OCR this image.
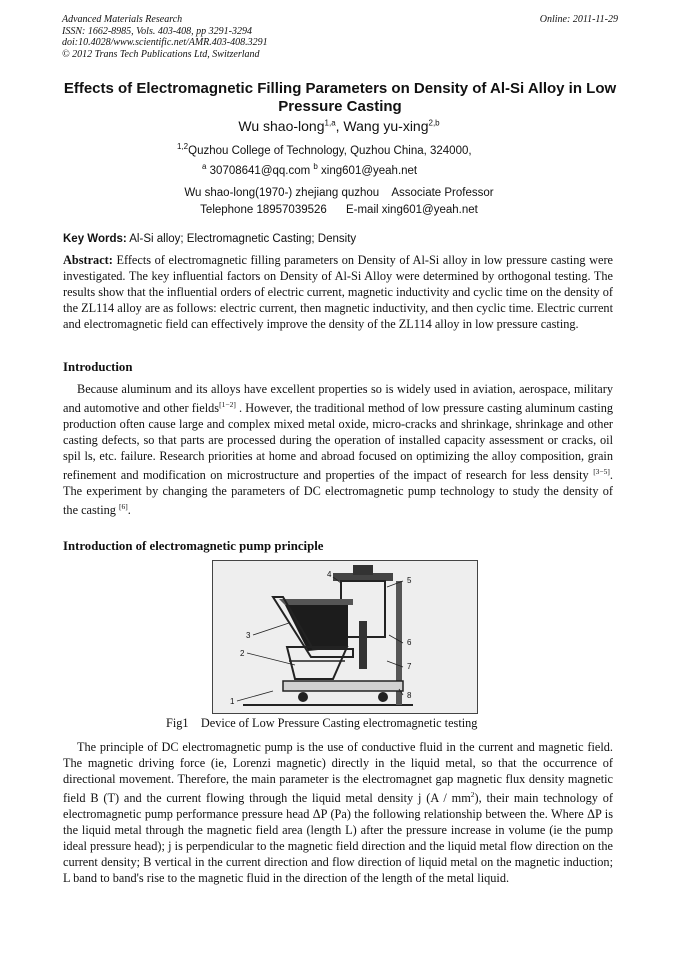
Advanced Materials Research
ISSN: 1662-8985, Vols. 403-408, pp 3291-3294
doi:10.4028/www.scientific.net/AMR.403-408.3291
© 2012 Trans Tech Publications Ltd, Switzerland
Online: 2011-11-29
Effects of Electromagnetic Filling Parameters on Density of Al-Si Alloy in Low Pressure Casting
Wu shao-long$^{1,a}$, Wang yu-xing$^{2,b}$
$^{1,2}$Quzhou College of Technology, Quzhou China, 324000,
$^a$ 30708641@qq.com $^b$ xing601@yeah.net
Wu shao-long(1970-) zhejiang quzhou    Associate Professor
Telephone 18957039526      E-mail xing601@yeah.net
Key Words: Al-Si alloy; Electromagnetic Casting; Density
Abstract: Effects of electromagnetic filling parameters on Density of Al-Si alloy in low pressure casting were investigated. The key influential factors on Density of Al-Si Alloy were determined by orthogonal testing. The results show that the influential orders of electric current, magnetic inductivity and cyclic time on the density of the ZL114 alloy are as follows: electric current, then magnetic inductivity, and then cyclic time. Electric current and electromagnetic field can effectively improve the density of the ZL114 alloy in low pressure casting.
Introduction
Because aluminum and its alloys have excellent properties so is widely used in aviation, aerospace, military and automotive and other fields[1−2] . However, the traditional method of low pressure casting aluminum casting production often cause large and complex mixed metal oxide, micro-cracks and shrinkage, shrinkage and other casting defects, so that parts are processed during the operation of installed capacity assessment or cracks, oil spil ls, etc. failure. Research priorities at home and abroad focused on optimizing the alloy composition, grain refinement and modification on microstructure and properties of the impact of research for less density [3−5]. The experiment by changing the parameters of DC electromagnetic pump technology to study the density of the casting [6].
Introduction of electromagnetic pump principle
1
2
3
4
5
6
7
8
Fig1    Device of Low Pressure Casting electromagnetic testing
The principle of DC electromagnetic pump is the use of conductive fluid in the current and magnetic field. The magnetic driving force (ie, Lorenzi magnetic) directly in the liquid metal, so that the occurrence of directional movement. Therefore, the main parameter is the electromagnet gap magnetic flux density magnetic field B (T) and the current flowing through the liquid metal density j (A / mm$^2$), their main technology of electromagnetic pump performance pressure head ΔP (Pa) the following relationship between the. Where ΔP is the liquid metal through the magnetic field area (length L) after the pressure increase in volume (ie the pump ideal pressure head); j is perpendicular to the magnetic field direction and the liquid metal flow direction on the current density; B vertical in the current direction and flow direction of liquid metal on the magnetic induction; L band to band's rise to the magnetic fluid in the direction of the length of the metal liquid.
